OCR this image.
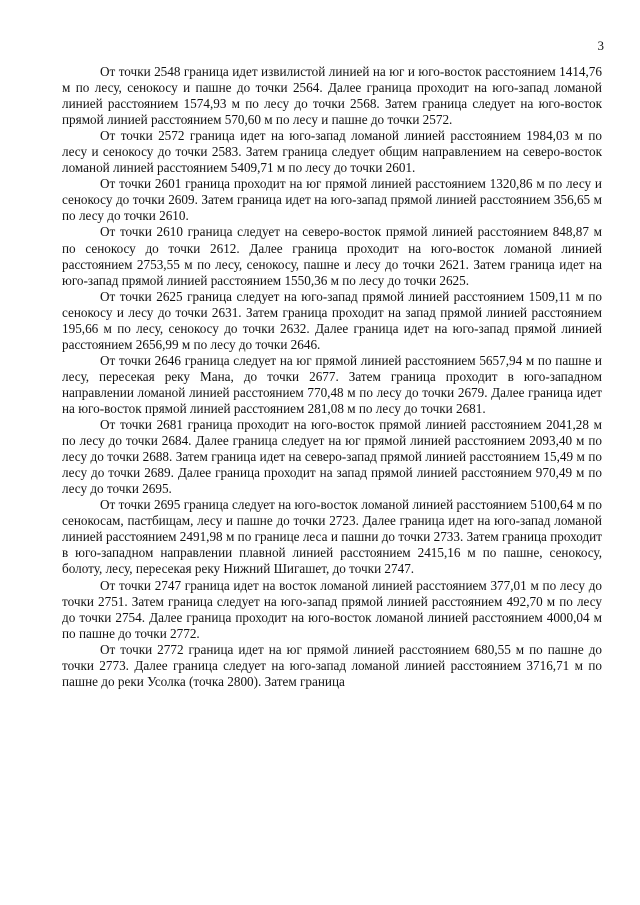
3

От точки 2548 граница идет извилистой линией на юг и юго-восток расстоянием 1414,76 м по лесу, сенокосу и пашне до точки 2564. Далее граница проходит на юго-запад ломаной линией расстоянием 1574,93 м по лесу до точки 2568. Затем граница следует на юго-восток прямой линией расстоянием 570,60 м по лесу и пашне до точки 2572.

От точки 2572 граница идет на юго-запад ломаной линией расстоянием 1984,03 м по лесу и сенокосу до точки 2583. Затем граница следует общим направлением на северо-восток ломаной линией расстоянием 5409,71 м по лесу до точки 2601.

От точки 2601 граница проходит на юг прямой линией расстоянием 1320,86 м по лесу и сенокосу до точки 2609. Затем граница идет на юго-запад прямой линией расстоянием 356,65 м по лесу до точки 2610.

От точки 2610 граница следует на северо-восток прямой линией расстоянием 848,87 м по сенокосу до точки 2612. Далее граница проходит на юго-восток ломаной линией расстоянием 2753,55 м по лесу, сенокосу, пашне и лесу до точки 2621. Затем граница идет на юго-запад прямой линией расстоянием 1550,36 м по лесу до точки 2625.

От точки 2625 граница следует на юго-запад прямой линией расстоянием 1509,11 м по сенокосу и лесу до точки 2631. Затем граница проходит на запад прямой линией расстоянием 195,66 м по лесу, сенокосу до точки 2632. Далее граница идет на юго-запад прямой линией расстоянием 2656,99 м по лесу до точки 2646.

От точки 2646 граница следует на юг прямой линией расстоянием 5657,94 м по пашне и лесу, пересекая реку Мана, до точки 2677. Затем граница проходит в юго-западном направлении ломаной линией расстоянием 770,48 м по лесу до точки 2679. Далее граница идет на юго-восток прямой линией расстоянием 281,08 м по лесу до точки 2681.

От точки 2681 граница проходит на юго-восток прямой линией расстоянием 2041,28 м по лесу до точки 2684. Далее граница следует на юг прямой линией расстоянием 2093,40 м по лесу до точки 2688. Затем граница идет на северо-запад прямой линией расстоянием 15,49 м по лесу до точки 2689. Далее граница проходит на запад прямой линией расстоянием 970,49 м по лесу до точки 2695.

От точки 2695 граница следует на юго-восток ломаной линией расстоянием 5100,64 м по сенокосам, пастбищам, лесу и пашне до точки 2723. Далее граница идет на юго-запад ломаной линией расстоянием 2491,98 м по границе леса и пашни до точки 2733. Затем граница проходит в юго-западном направлении плавной линией расстоянием 2415,16 м по пашне, сенокосу, болоту, лесу, пересекая реку Нижний Шигашет, до точки 2747.

От точки 2747 граница идет на восток ломаной линией расстоянием 377,01 м по лесу до точки 2751. Затем граница следует на юго-запад прямой линией расстоянием 492,70 м по лесу до точки 2754. Далее граница проходит на юго-восток ломаной линией расстоянием 4000,04 м по пашне до точки 2772.

От точки 2772 граница идет на юг прямой линией расстоянием 680,55 м по пашне до точки 2773. Далее граница следует на юго-запад ломаной линией расстоянием 3716,71 м по пашне до реки Усолка (точка 2800). Затем граница
